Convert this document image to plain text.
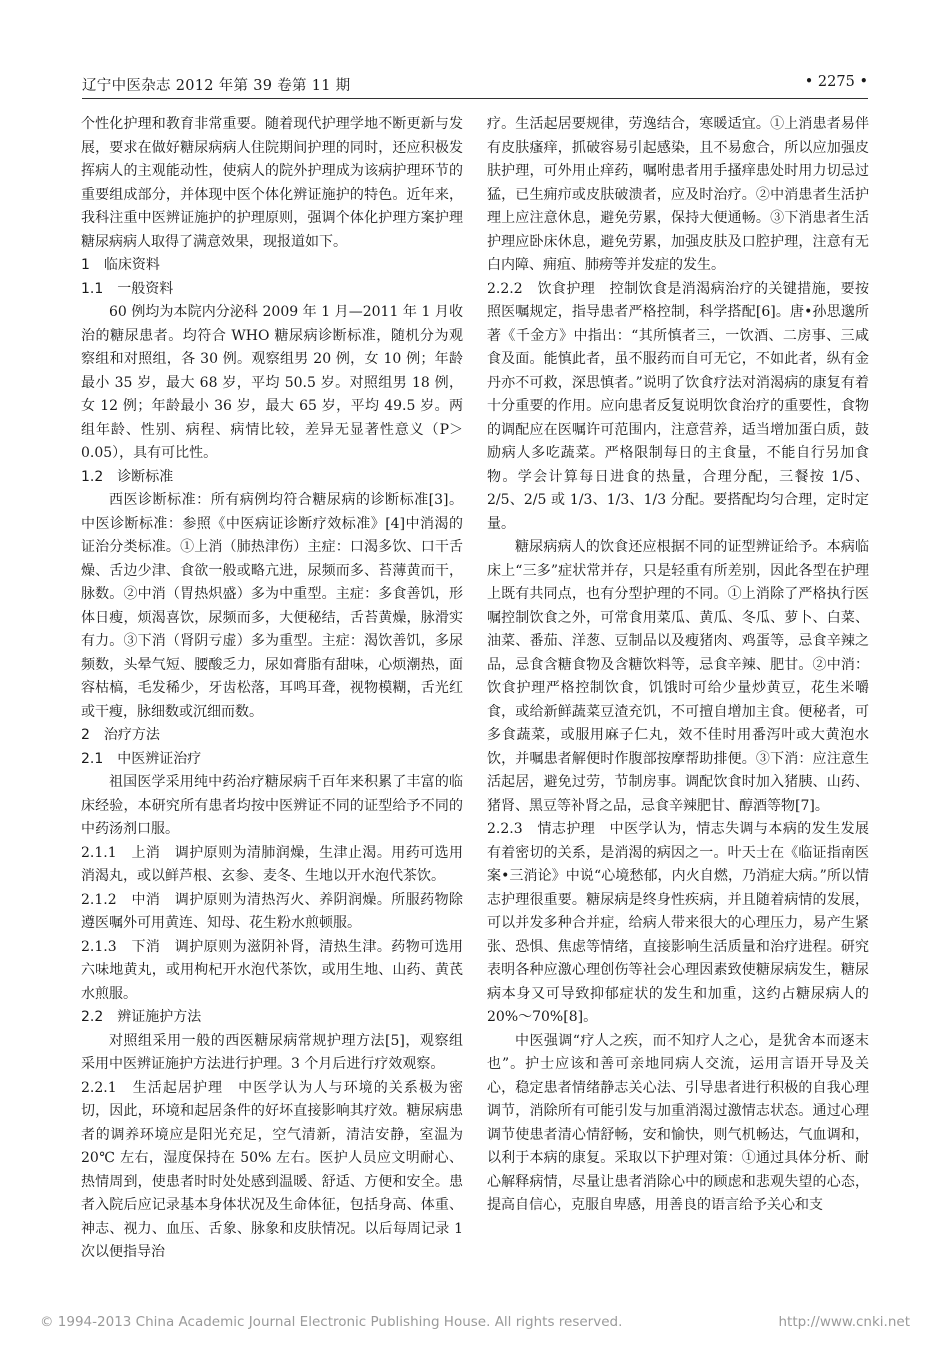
辽宁中医杂志 2012 年第 39 卷第 11 期	• 2275 •

个性化护理和教育非常重要。随着现代护理学地不断更新与发展，要求在做好糖尿病病人住院期间护理的同时，还应积极发挥病人的主观能动性，使病人的院外护理成为该病护理环节的重要组成部分，并体现中医个体化辨证施护的特色。近年来，我科注重中医辨证施护的护理原则，强调个体化护理方案护理糖尿病病人取得了满意效果，现报道如下。

1　临床资料

1.1　一般资料

60 例均为本院内分泌科 2009 年 1 月—2011 年 1 月收治的糖尿患者。均符合 WHO 糖尿病诊断标准，随机分为观察组和对照组，各 30 例。观察组男 20 例，女 10 例；年龄最小 35 岁，最大 68 岁，平均 50.5 岁。对照组男 18 例，女 12 例；年龄最小 36 岁，最大 65 岁，平均 49.5 岁。两组年龄、性别、病程、病情比较，差异无显著性意义（P＞0.05），具有可比性。

1.2　诊断标准

西医诊断标准：所有病例均符合糖尿病的诊断标准[3]。中医诊断标准：参照《中医病证诊断疗效标准》[4]中消渴的证治分类标准。①上消（肺热津伤）主症：口渴多饮、口干舌燥、舌边少津、食欲一般或略亢进，尿频而多、苔薄黄而干，脉数。②中消（胃热炽盛）多为中重型。主症：多食善饥，形体日瘦，烦渴喜饮，尿频而多，大便秘结，舌苔黄燥，脉滑实有力。③下消（肾阴亏虚）多为重型。主症：渴饮善饥，多尿频数，头晕气短、腰酸乏力，尿如膏脂有甜味，心烦潮热，面容枯槁，毛发稀少，牙齿松落，耳鸣耳聋，视物模糊，舌光红或干瘦，脉细数或沉细而数。

2　治疗方法

2.1　中医辨证治疗

祖国医学采用纯中药治疗糖尿病千百年来积累了丰富的临床经验，本研究所有患者均按中医辨证不同的证型给予不同的中药汤剂口服。

2.1.1　上消　调护原则为清肺润燥，生津止渴。用药可选用消渴丸，或以鲜芦根、玄参、麦冬、生地以开水泡代茶饮。

2.1.2　中消　调护原则为清热泻火、养阴润燥。所服药物除遵医嘱外可用黄连、知母、花生粉水煎顿服。

2.1.3　下消　调护原则为滋阴补肾，清热生津。药物可选用六味地黄丸，或用枸杞开水泡代茶饮，或用生地、山药、黄芪水煎服。

2.2　辨证施护方法

对照组采用一般的西医糖尿病常规护理方法[5]，观察组采用中医辨证施护方法进行护理。3 个月后进行疗效观察。

2.2.1　生活起居护理　中医学认为人与环境的关系极为密切，因此，环境和起居条件的好坏直接影响其疗效。糖尿病患者的调养环境应是阳光充足，空气清新，清洁安静，室温为 20℃ 左右，湿度保持在 50% 左右。医护人员应文明耐心、热情周到，使患者时时处处感到温暖、舒适、方便和安全。患者入院后应记录基本身体状况及生命体征，包括身高、体重、神志、视力、血压、舌象、脉象和皮肤情况。以后每周记录 1 次以便指导治

疗。生活起居要规律，劳逸结合，寒暖适宜。①上消患者易伴有皮肤瘙痒，抓破容易引起感染，且不易愈合，所以应加强皮肤护理，可外用止痒药，嘱咐患者用手搔痒患处时用力切忌过猛，已生痈疖或皮肤破溃者，应及时治疗。②中消患者生活护理上应注意休息，避免劳累，保持大便通畅。③下消患者生活护理应卧床休息，避免劳累，加强皮肤及口腔护理，注意有无白内障、痈疽、肺痨等并发症的发生。

2.2.2　饮食护理　控制饮食是消渴病治疗的关键措施，要按照医嘱规定，指导患者严格控制，科学搭配[6]。唐•孙思邈所著《千金方》中指出：“其所慎者三，一饮酒、二房事、三咸食及面。能慎此者，虽不服药而自可无它，不如此者，纵有金丹亦不可救，深思慎者。”说明了饮食疗法对消渴病的康复有着十分重要的作用。应向患者反复说明饮食治疗的重要性，食物的调配应在医嘱许可范围内，注意营养，适当增加蛋白质，鼓励病人多吃蔬菜。严格限制每日的主食量，不能自行另加食物。学会计算每日进食的热量，合理分配，三餐按 1/5、2/5、2/5 或 1/3、1/3、1/3 分配。要搭配均匀合理，定时定量。

糖尿病病人的饮食还应根据不同的证型辨证给予。本病临床上“三多”症状常并存，只是轻重有所差别，因此各型在护理上既有共同点，也有分型护理的不同。①上消除了严格执行医嘱控制饮食之外，可常食用菜瓜、黄瓜、冬瓜、萝卜、白菜、油菜、番茄、洋葱、豆制品以及瘦猪肉、鸡蛋等，忌食辛辣之品，忌食含糖食物及含糖饮料等，忌食辛辣、肥甘。②中消：饮食护理严格控制饮食，饥饿时可给少量炒黄豆，花生米嚼食，或给新鲜蔬菜豆渣充饥，不可擅自增加主食。便秘者，可多食蔬菜，或服用麻子仁丸，效不佳时用番泻叶或大黄泡水饮，并嘱患者解便时作腹部按摩帮助排便。③下消：应注意生活起居，避免过劳，节制房事。调配饮食时加入猪胰、山药、猪肾、黑豆等补肾之品，忌食辛辣肥甘、醇酒等物[7]。

2.2.3　情志护理　中医学认为，情志失调与本病的发生发展有着密切的关系，是消渴的病因之一。叶天士在《临证指南医案•三消论》中说“心境愁郁，内火自燃，乃消症大病。”所以情志护理很重要。糖尿病是终身性疾病，并且随着病情的发展，可以并发多种合并症，给病人带来很大的心理压力，易产生紧张、恐惧、焦虑等情绪，直接影响生活质量和治疗进程。研究表明各种应激心理创伤等社会心理因素致使糖尿病发生，糖尿病本身又可导致抑郁症状的发生和加重，这约占糖尿病人的 20%～70%[8]。

中医强调“疗人之疾，而不知疗人之心，是犹舍本而逐末也”。护士应该和善可亲地同病人交流，运用言语开导及关心，稳定患者情绪静志关心法、引导患者进行积极的自我心理调节，消除所有可能引发与加重消渴过激情志状态。通过心理调节使患者清心情舒畅，安和愉快，则气机畅达，气血调和，以利于本病的康复。采取以下护理对策：①通过具体分析、耐心解释病情，尽量让患者消除心中的顾虑和悲观失望的心态，提高自信心，克服自卑感，用善良的语言给予关心和支

© 1994-2013 China Academic Journal Electronic Publishing House. All rights reserved.	http://www.cnki.net
